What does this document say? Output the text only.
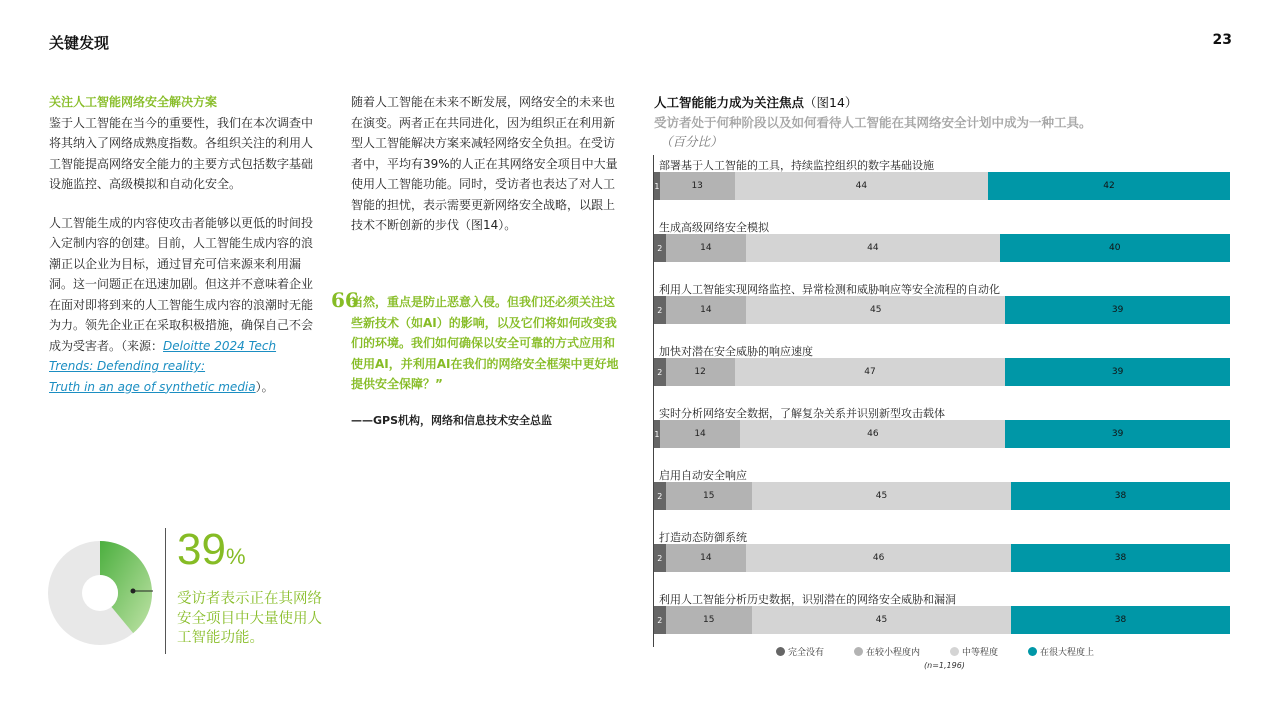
关键发现	23
关注人工智能网络安全解决方案

鉴于人工智能在当今的重要性，我们在本次调查中将其纳入了网络成熟度指数。各组织关注的利用人工智能提高网络安全能力的主要方式包括数字基础设施监控、高级模拟和自动化安全。

人工智能生成的内容使攻击者能够以更低的时间投入定制内容的创建。目前，人工智能生成内容的浪潮正以企业为目标，通过冒充可信来源来利用漏洞。这一问题正在迅速加剧。但这并不意味着企业在面对即将到来的人工智能生成内容的浪潮时无能为力。领先企业正在采取积极措施，确保自己不会成为受害者。（来源：Deloitte 2024 Tech Trends: Defending reality:
Truth in an age of synthetic media）。

随着人工智能在未来不断发展，网络安全的未来也在演变。两者正在共同进化，因为组织正在利用新型人工智能解决方案来减轻网络安全负担。在受访者中，平均有39%的人正在其网络安全项目中大量使用人工智能功能。同时，受访者也表达了对人工智能的担忧，表示需要更新网络安全战略，以跟上技术不断创新的步伐（图14）。

66
当然，重点是防止恶意入侵。但我们还必须关注这些新技术（如AI）的影响，以及它们将如何改变我们的环境。我们如何确保以安全可靠的方式应用和使用AI，并利用AI在我们的网络安全框架中更好地提供安全保障？”
——GPS机构，网络和信息技术安全总监
39%
受访者表示正在其网络安全项目中大量使用人工智能功能。
人工智能能力成为关注焦点（图14）
受访者处于何种阶段以及如何看待人工智能在其网络安全计划中成为一种工具。
（百分比）
部署基于人工智能的工具，持续监控组织的数字基础设施
1	13	44	42
生成高级网络安全模拟
2	14	44	40
利用人工智能实现网络监控、异常检测和威胁响应等安全流程的自动化
2	14	45	39
加快对潜在安全威胁的响应速度
2	12	47	39
实时分析网络安全数据，了解复杂关系并识别新型攻击载体
1	14	46	39
启用自动安全响应
2	15	45	38
打造动态防御系统
2	14	46	38
利用人工智能分析历史数据，识别潜在的网络安全威胁和漏洞
2	15	45	38
完全没有	在较小程度内	中等程度	在很大程度上
(n=1,196)
